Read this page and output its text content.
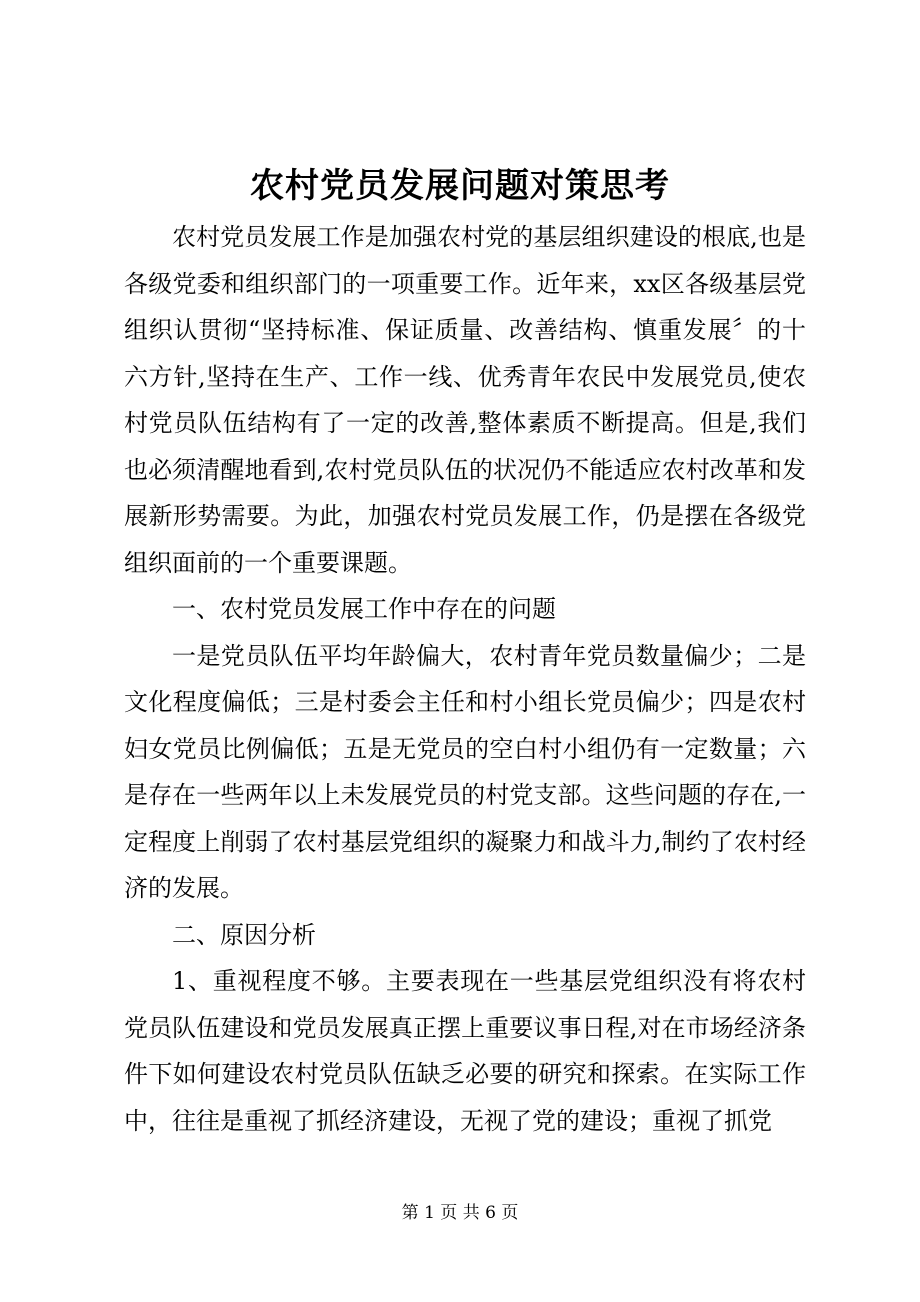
农村党员发展问题对策思考

农村党员发展工作是加强农村党的基层组织建设的根底,也是各级党委和组织部门的一项重要工作。近年来，xx区各级基层党组织认贯彻“坚持标准、保证质量、改善结构、慎重发展〞的十六方针,坚持在生产、工作一线、优秀青年农民中发展党员,使农村党员队伍结构有了一定的改善,整体素质不断提高。但是,我们也必须清醒地看到,农村党员队伍的状况仍不能适应农村改革和发展新形势需要。为此，加强农村党员发展工作，仍是摆在各级党组织面前的一个重要课题。

一、农村党员发展工作中存在的问题

一是党员队伍平均年龄偏大，农村青年党员数量偏少；二是文化程度偏低；三是村委会主任和村小组长党员偏少；四是农村妇女党员比例偏低；五是无党员的空白村小组仍有一定数量；六是存在一些两年以上未发展党员的村党支部。这些问题的存在,一定程度上削弱了农村基层党组织的凝聚力和战斗力,制约了农村经济的发展。

二、原因分析

1、重视程度不够。主要表现在一些基层党组织没有将农村党员队伍建设和党员发展真正摆上重要议事日程,对在市场经济条件下如何建设农村党员队伍缺乏必要的研究和探索。在实际工作中，往往是重视了抓经济建设，无视了党的建设；重视了抓党

第 1 页 共 6 页
